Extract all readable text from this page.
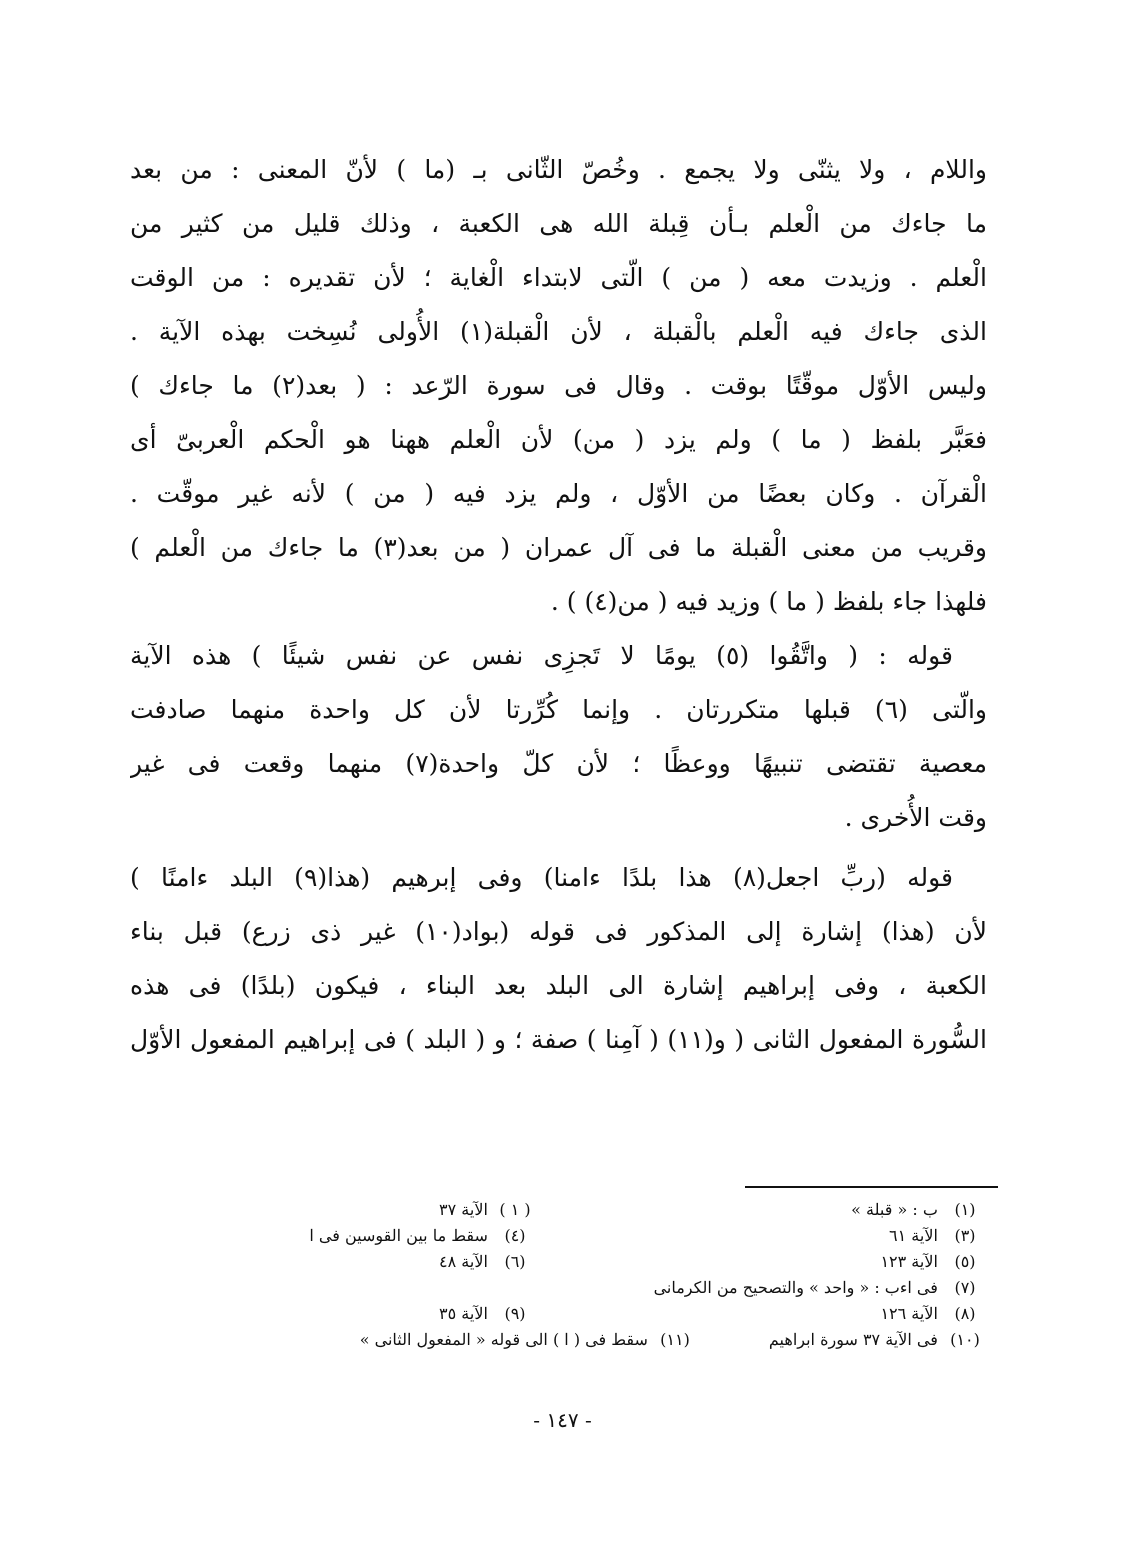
واللام ، ولا يثنّى ولا يجمع . وخُصّ الثّانى بـ (ما ) لأنّ المعنى : من بعد
ما جاءك من الْعلم بـأن قِبلة الله هى الكعبة ، وذلك قليل من كثير من
الْعلم . وزيدت معه ( من ) الّتى لابتداء الْغاية ؛ لأن تقديره : من الوقت
الذى جاءك فيه الْعلم بالْقبلة ، لأن الْقبلة(١) الأُولى نُسِخت بهذه الآية .
وليس الأوّل موقّتًا بوقت . وقال فى سورة الرّعد : ( بعد(٢) ما جاءك )
فعَبَّر بلفظ ( ما ) ولم يزد ( من) لأن الْعلم ههنا هو الْحكم الْعربىّ أى
الْقرآن . وكان بعضًا من الأوّل ، ولم يزد فيه ( من ) لأنه غير موقّت .
وقريب من معنى الْقبلة ما فى آل عمران ( من بعد(٣) ما جاءك من الْعلم )
فلهذا جاء بلفظ ( ما ) وزيد فيه ( من(٤) ) .
قوله : ( واتَّقُوا (٥) يومًا لا تَجزِى نفس عن نفس شيئًا ) هذه الآية
والّتى (٦) قبلها متكررتان . وإنما كُرِّرتا لأن كل واحدة منهما صادفت
معصية تقتضى تنبيهًا ووعظًا ؛ لأن كلّ واحدة(٧) منهما وقعت فى غير
وقت الأُخرى .
قوله (ربِّ اجعل(٨) هذا بلدًا ءامنا) وفى إبرهيم (هذا(٩) البلد ءامنًا )
لأن (هذا) إشارة إلى المذكور فى قوله (بواد(١٠) غير ذى زرع) قبل بناء
الكعبة ، وفى إبراهيم إشارة الى البلد بعد البناء ، فيكون (بلدًا) فى هذه
السُّورة المفعول الثانى ( و(١١) ( آمِنا ) صفة ؛ و ( البلد ) فى إبراهيم المفعول الأوّل
(١) ب : « قبلة »
( ١ ) الآية ٣٧
(٣) الآية ٦١
(٤) سقط ما بين القوسين فى ا
(٥) الآية ١٢٣
(٦) الآية ٤٨
(٧) فى اءب : « واحد » والتصحيح من الكرمانى
(٨) الآية ١٢٦
(٩) الآية ٣٥
(١٠) فى الآية ٣٧ سورة ابراهيم
(١١) سقط فى ( ا ) الى قوله « المفعول الثانى »
- ١٤٧ -
